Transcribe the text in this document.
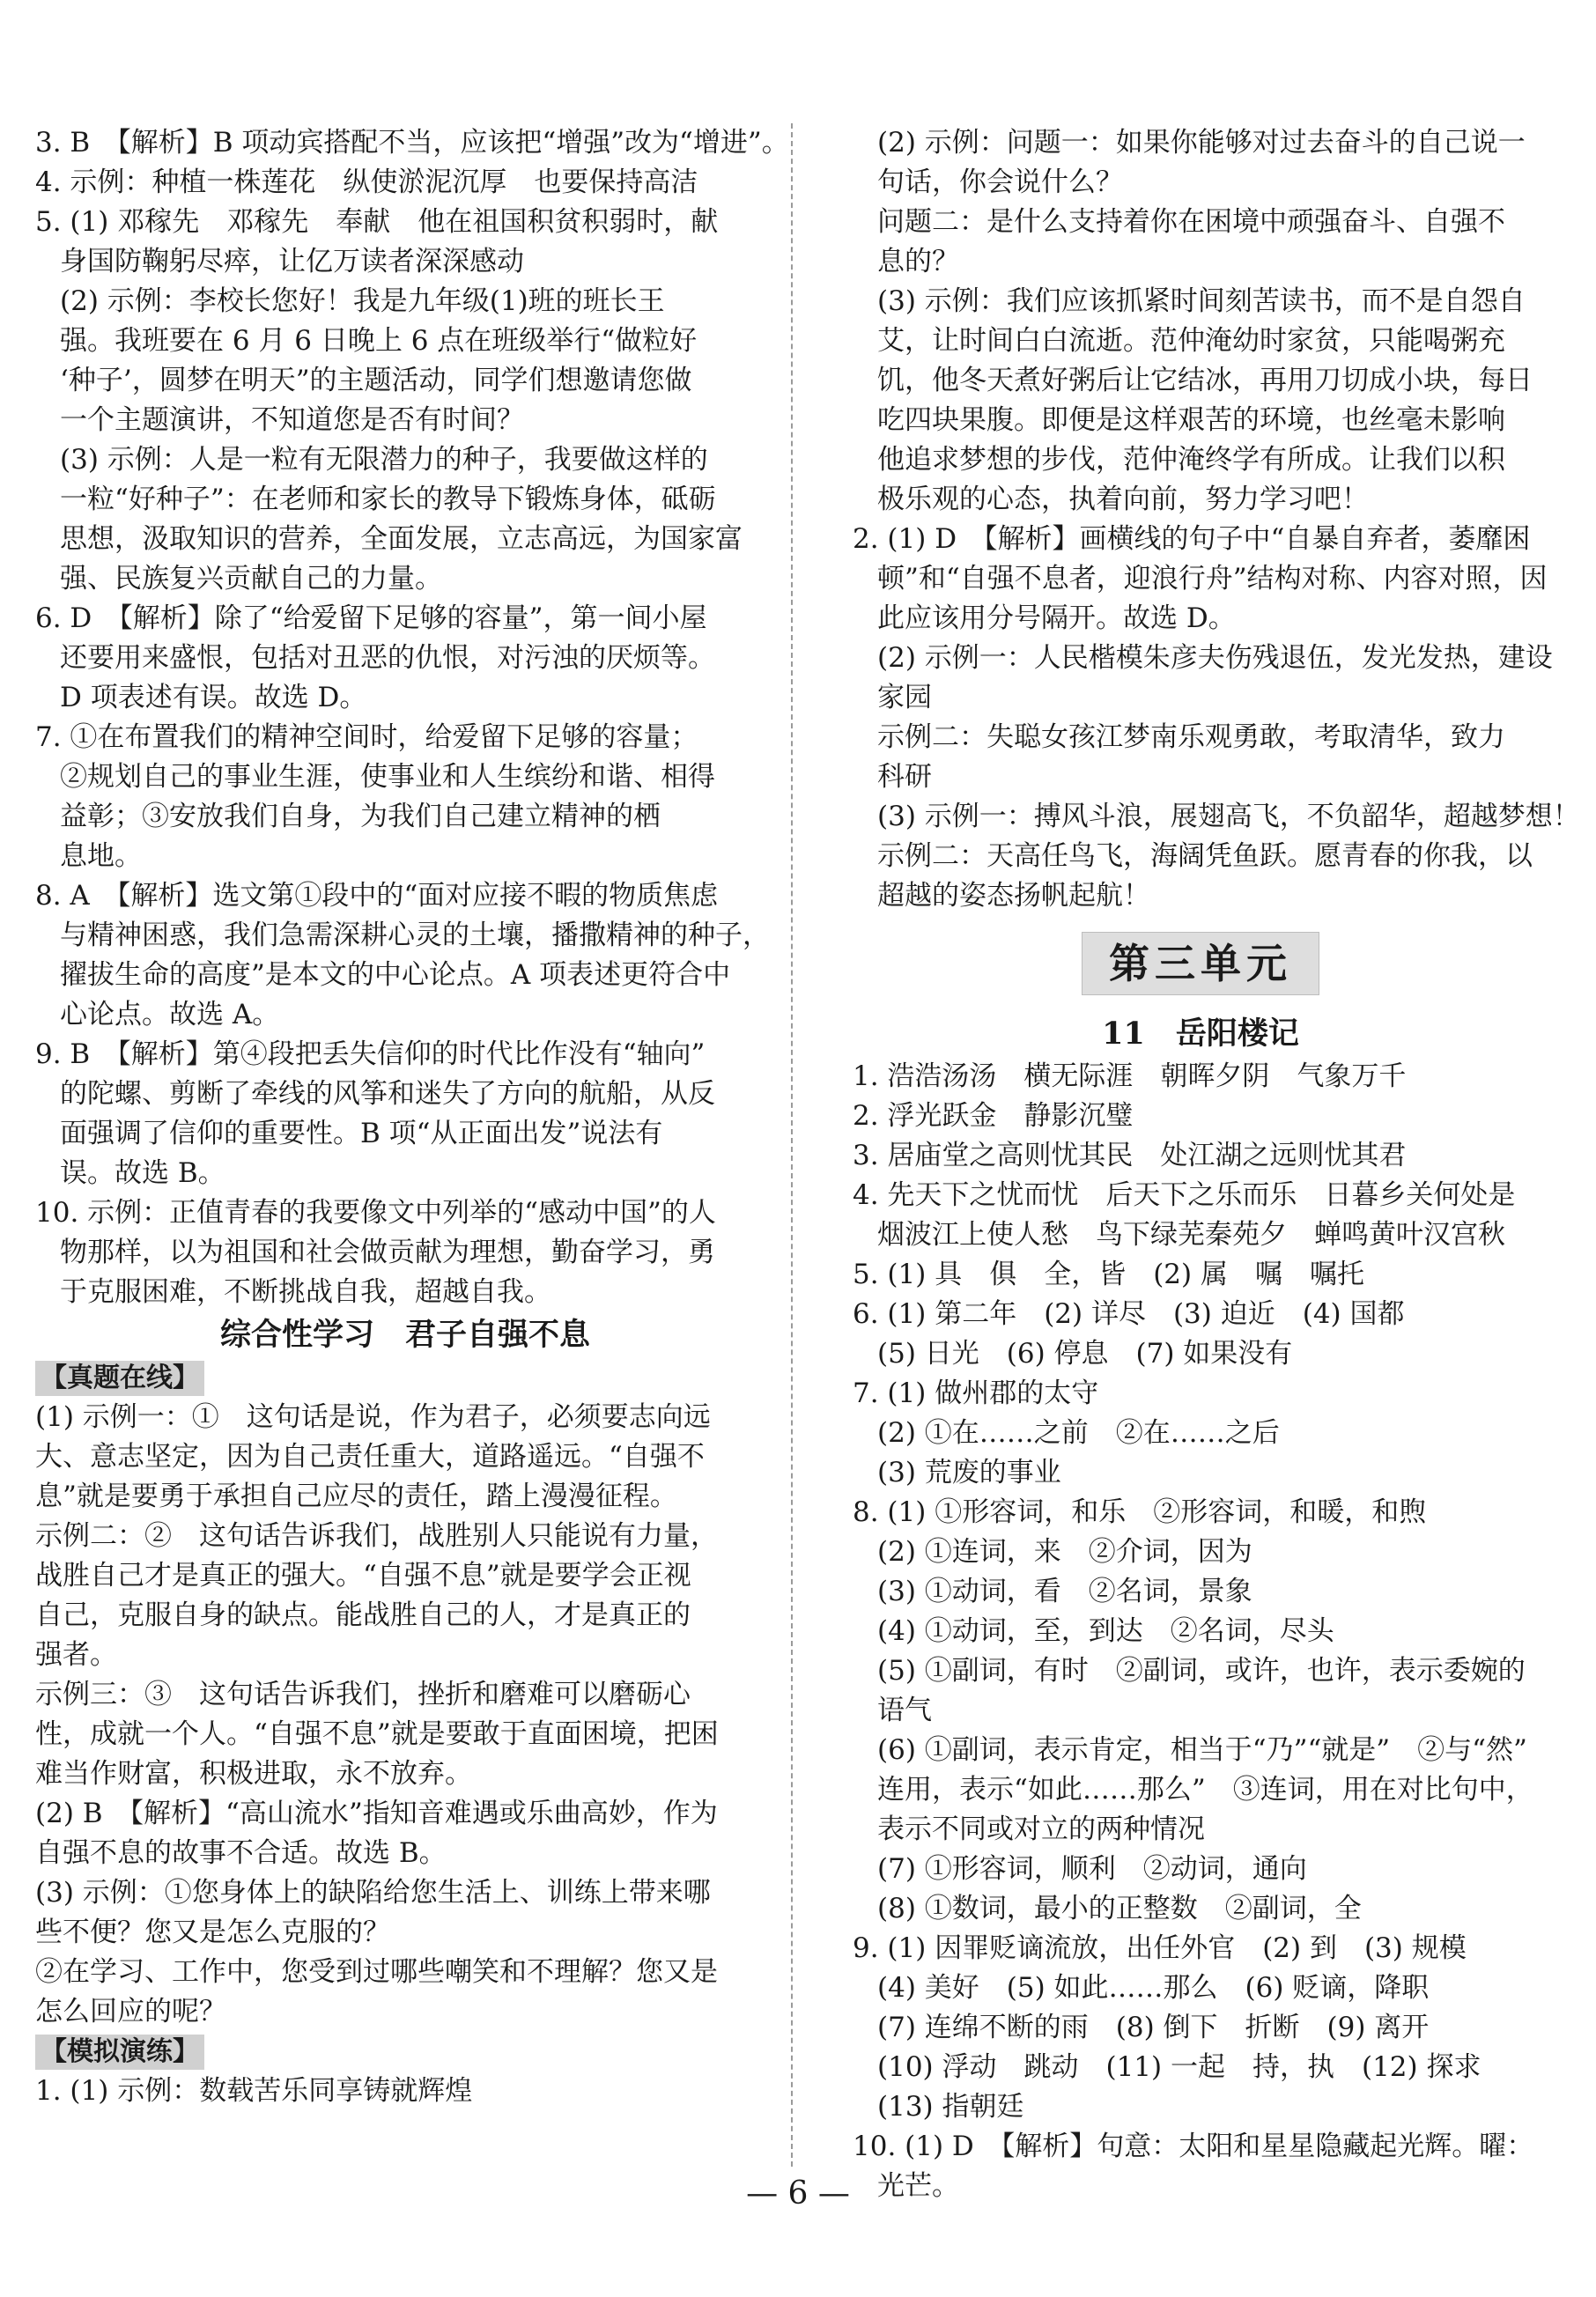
3. B　【解析】B 项动宾搭配不当，应该把“增强”改为“增进”。
4. 示例：种植一株莲花　纵使淤泥沉厚　也要保持高洁
5. (1) 邓稼先　邓稼先　奉献　他在祖国积贫积弱时，献
身国防鞠躬尽瘁，让亿万读者深深感动
(2) 示例：李校长您好！我是九年级(1)班的班长王
强。我班要在 6 月 6 日晚上 6 点在班级举行“做粒好
‘种子’，圆梦在明天”的主题活动，同学们想邀请您做
一个主题演讲，不知道您是否有时间？
(3) 示例：人是一粒有无限潜力的种子，我要做这样的
一粒“好种子”：在老师和家长的教导下锻炼身体，砥砺
思想，汲取知识的营养，全面发展，立志高远，为国家富
强、民族复兴贡献自己的力量。
6. D　【解析】除了“给爱留下足够的容量”，第一间小屋
还要用来盛恨，包括对丑恶的仇恨，对污浊的厌烦等。
D 项表述有误。故选 D。
7. ①在布置我们的精神空间时，给爱留下足够的容量；
②规划自己的事业生涯，使事业和人生缤纷和谐、相得
益彰；③安放我们自身，为我们自己建立精神的栖
息地。
8. A　【解析】选文第①段中的“面对应接不暇的物质焦虑
与精神困惑，我们急需深耕心灵的土壤，播撒精神的种子，
擢拔生命的高度”是本文的中心论点。A 项表述更符合中
心论点。故选 A。
9. B　【解析】第④段把丢失信仰的时代比作没有“轴向”
的陀螺、剪断了牵线的风筝和迷失了方向的航船，从反
面强调了信仰的重要性。B 项“从正面出发”说法有
误。故选 B。
10. 示例：正值青春的我要像文中列举的“感动中国”的人
物那样，以为祖国和社会做贡献为理想，勤奋学习，勇
于克服困难，不断挑战自我，超越自我。
综合性学习　君子自强不息
【真题在线】
(1) 示例一：①　这句话是说，作为君子，必须要志向远
大、意志坚定，因为自己责任重大，道路遥远。“自强不
息”就是要勇于承担自己应尽的责任，踏上漫漫征程。
示例二：②　这句话告诉我们，战胜别人只能说有力量，
战胜自己才是真正的强大。“自强不息”就是要学会正视
自己，克服自身的缺点。能战胜自己的人，才是真正的
强者。
示例三：③　这句话告诉我们，挫折和磨难可以磨砺心
性，成就一个人。“自强不息”就是要敢于直面困境，把困
难当作财富，积极进取，永不放弃。
(2) B　【解析】“高山流水”指知音难遇或乐曲高妙，作为
自强不息的故事不合适。故选 B。
(3) 示例：①您身体上的缺陷给您生活上、训练上带来哪
些不便？您又是怎么克服的？
②在学习、工作中，您受到过哪些嘲笑和不理解？您又是
怎么回应的呢？
【模拟演练】
1. (1) 示例：数载苦乐同享铸就辉煌
(2) 示例：问题一：如果你能够对过去奋斗的自己说一
句话，你会说什么？
问题二：是什么支持着你在困境中顽强奋斗、自强不
息的？
(3) 示例：我们应该抓紧时间刻苦读书，而不是自怨自
艾，让时间白白流逝。范仲淹幼时家贫，只能喝粥充
饥，他冬天煮好粥后让它结冰，再用刀切成小块，每日
吃四块果腹。即便是这样艰苦的环境，也丝毫未影响
他追求梦想的步伐，范仲淹终学有所成。让我们以积
极乐观的心态，执着向前，努力学习吧！
2. (1) D　【解析】画横线的句子中“自暴自弃者，萎靡困
顿”和“自强不息者，迎浪行舟”结构对称、内容对照，因
此应该用分号隔开。故选 D。
(2) 示例一：人民楷模朱彦夫伤残退伍，发光发热，建设
家园
示例二：失聪女孩江梦南乐观勇敢，考取清华，致力
科研
(3) 示例一：搏风斗浪，展翅高飞，不负韶华，超越梦想！
示例二：天高任鸟飞，海阔凭鱼跃。愿青春的你我，以
超越的姿态扬帆起航！
第三单元
11　岳阳楼记
1. 浩浩汤汤　横无际涯　朝晖夕阴　气象万千
2. 浮光跃金　静影沉璧
3. 居庙堂之高则忧其民　处江湖之远则忧其君
4. 先天下之忧而忧　后天下之乐而乐　日暮乡关何处是
烟波江上使人愁　鸟下绿芜秦苑夕　蝉鸣黄叶汉宫秋
5. (1) 具　俱　全，皆　(2) 属　嘱　嘱托
6. (1) 第二年　(2) 详尽　(3) 迫近　(4) 国都
(5) 日光　(6) 停息　(7) 如果没有
7. (1) 做州郡的太守
(2) ①在……之前　②在……之后
(3) 荒废的事业
8. (1) ①形容词，和乐　②形容词，和暖，和煦
(2) ①连词，来　②介词，因为
(3) ①动词，看　②名词，景象
(4) ①动词，至，到达　②名词，尽头
(5) ①副词，有时　②副词，或许，也许，表示委婉的
语气
(6) ①副词，表示肯定，相当于“乃”“就是”　②与“然”
连用，表示“如此……那么”　③连词，用在对比句中，
表示不同或对立的两种情况
(7) ①形容词，顺利　②动词，通向
(8) ①数词，最小的正整数　②副词，全
9. (1) 因罪贬谪流放，出任外官　(2) 到　(3) 规模
(4) 美好　(5) 如此……那么　(6) 贬谪，降职
(7) 连绵不断的雨　(8) 倒下　折断　(9) 离开
(10) 浮动　跳动　(11) 一起　持，执　(12) 探求
(13) 指朝廷
10. (1) D　【解析】句意：太阳和星星隐藏起光辉。曜：
光芒。
— 6 —
